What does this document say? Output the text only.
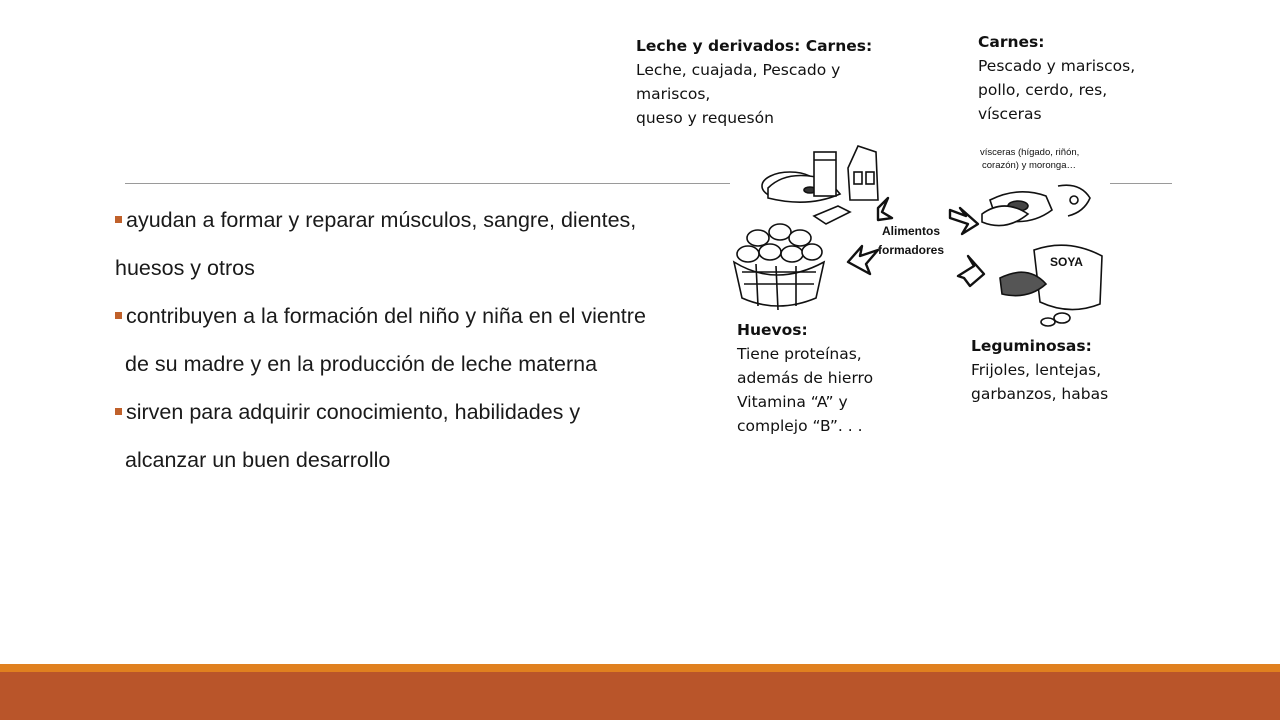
ayudan a formar y reparar músculos, sangre, dientes,

huesos y otros

contribuyen a la formación del niño y niña en el vientre

de su madre y en la producción de leche materna

sirven para adquirir conocimiento, habilidades y

alcanzar un buen desarrollo

Alimentos
formadores
vísceras (hígado, riñón,
corazón) y moronga…
SOYA
Leche y derivados: Carnes:
Leche, cuajada, Pescado y
mariscos,
queso y requesón
Carnes:
Pescado y mariscos,
pollo, cerdo, res,
vísceras
Huevos:
Tiene proteínas,
además de hierro
Vitamina “A” y
complejo “B”. . .
Leguminosas:
Frijoles, lentejas,
garbanzos, habas
